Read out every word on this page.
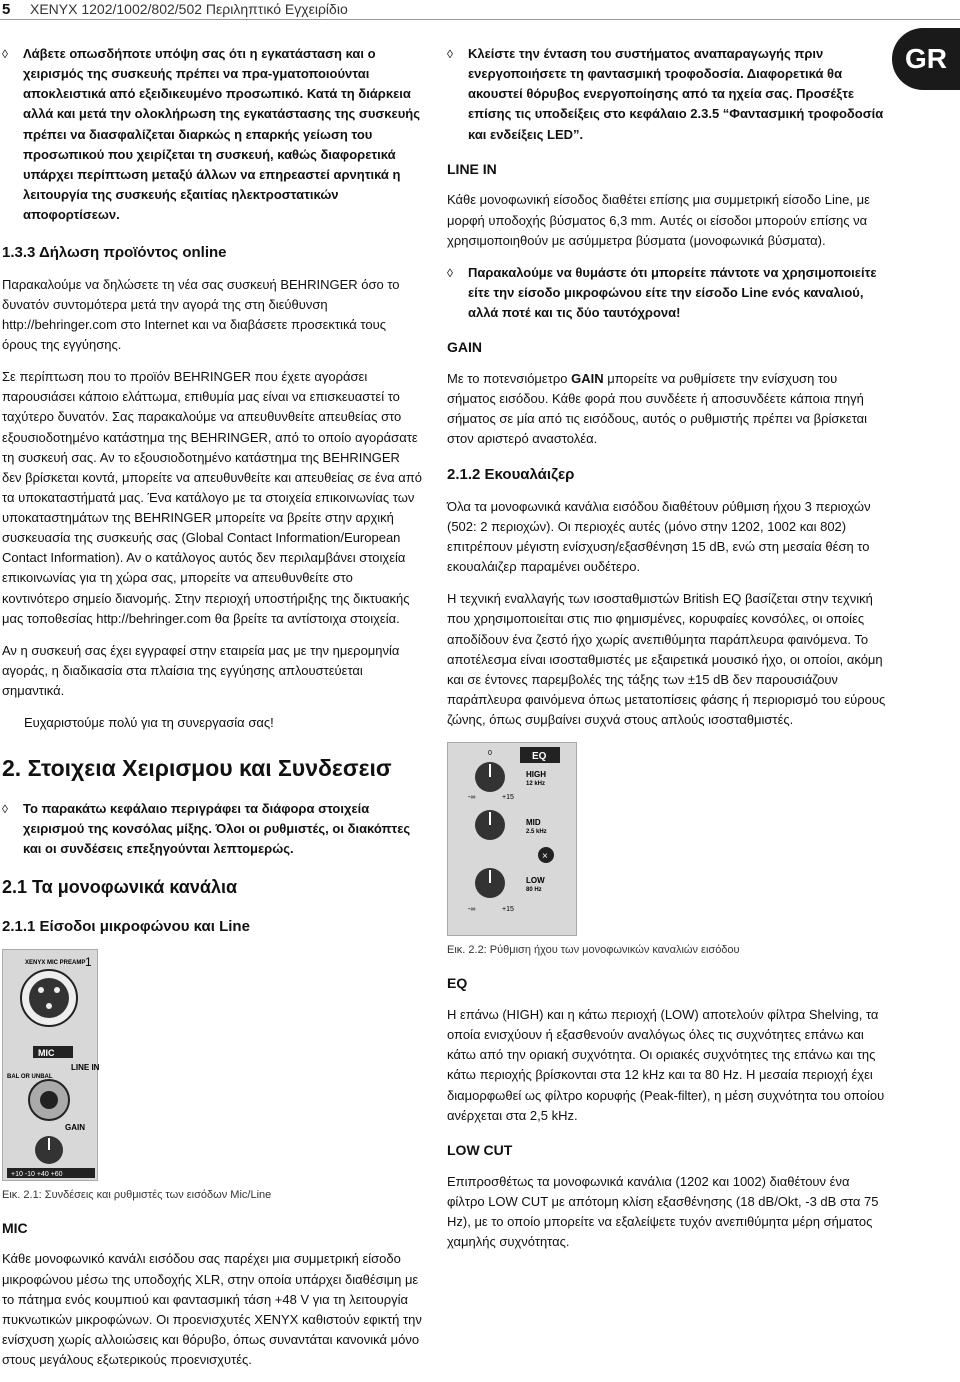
5 XENYX 1202/1002/802/502 Περιληπτικό Εγχειρίδιο
GR
◊	Λάβετε οπωσδήποτε υπόψη σας ότι η εγκατάσταση και ο χειρισμός της συσκευής πρέπει να πρα-γματοποιούνται αποκλειστικά από εξειδικευμένο προσωπικό. Κατά τη διάρκεια αλλά και μετά την ολοκλήρωση της εγκατάστασης της συσκευής πρέπει να διασφαλίζεται διαρκώς η επαρκής γείωση του προσωπικού που χειρίζεται τη συσκευή, καθώς διαφορετικά υπάρχει περίπτωση μεταξύ άλλων να επηρεαστεί αρνητικά η λειτουργία της συσκευής εξαιτίας ηλεκτροστατικών αποφορτίσεων.
1.3.3 Δήλωση προϊόντος online
Παρακαλούμε να δηλώσετε τη νέα σας συσκευή BEHRINGER όσο το δυνατόν συντομότερα μετά την αγορά της στη διεύθυνση http://behringer.com στο Internet και να διαβάσετε προσεκτικά τους όρους της εγγύησης.
Σε περίπτωση που το προϊόν BEHRINGER που έχετε αγοράσει παρουσιάσει κάποιο ελάττωμα, επιθυμία μας είναι να επισκευαστεί το ταχύτερο δυνατόν. Σας παρακαλούμε να απευθυνθείτε απευθείας στο εξουσιοδοτημένο κατάστημα της BEHRINGER, από το οποίο αγοράσατε τη συσκευή σας. Αν το εξουσιοδοτημένο κατάστημα της BEHRINGER δεν βρίσκεται κοντά, μπορείτε να απευθυνθείτε και απευθείας σε ένα από τα υποκαταστήματά μας. Ένα κατάλογο με τα στοιχεία επικοινωνίας των υποκαταστημάτων της BEHRINGER μπορείτε να βρείτε στην αρχική συσκευασία της συσκευής σας (Global Contact Information/European Contact Information). Αν ο κατάλογος αυτός δεν περιλαμβάνει στοιχεία επικοινωνίας για τη χώρα σας, μπορείτε να απευθυνθείτε στο κοντινότερο σημείο διανομής. Στην περιοχή υποστήριξης της δικτυακής μας τοποθεσίας http://behringer.com θα βρείτε τα αντίστοιχα στοιχεία.
Αν η συσκευή σας έχει εγγραφεί στην εταιρεία μας με την ημερομηνία αγοράς, η διαδικασία στα πλαίσια της εγγύησης απλουστεύεται σημαντικά.
Ευχαριστούμε πολύ για τη συνεργασία σας!
2. Στοιχεια Χειρισμου και Συνδεσεισ
◊	Το παρακάτω κεφάλαιο περιγράφει τα διάφορα στοιχεία χειρισμού της κονσόλας μίξης. Όλοι οι ρυθμιστές, οι διακόπτες και οι συνδέσεις επεξηγούνται λεπτομερώς.
2.1 Τα μονοφωνικά κανάλια
2.1.1 Είσοδοι μικροφώνου και Line
XENYX MIC PREAMP 1
MIC
LINE IN
BAL OR UNBAL
GAIN
+10 -10 +40 +60
Εικ. 2.1: Συνδέσεις και ρυθμιστές των εισόδων Mic/Line
MIC
Κάθε μονοφωνικό κανάλι εισόδου σας παρέχει μια συμμετρική είσοδο μικροφώνου μέσω της υποδοχής XLR, στην οποία υπάρχει διαθέσιμη με το πάτημα ενός κουμπιού και φαντασμική τάση +48 V για τη λειτουργία πυκνωτικών μικροφώνων. Οι προενισχυτές XENYX καθιστούν εφικτή την ενίσχυση χωρίς αλλοιώσεις και θόρυβο, όπως συναντάται κανονικά μόνο στους μεγάλους εξωτερικούς προενισχυτές.
◊	Κλείστε την ένταση του συστήματος αναπαραγωγής πριν ενεργοποιήσετε τη φαντασμική τροφοδοσία. Διαφορετικά θα ακουστεί θόρυβος ενεργοποίησης από τα ηχεία σας. Προσέξτε επίσης τις υποδείξεις στο κεφάλαιο 2.3.5 “Φαντασμική τροφοδοσία και ενδείξεις LED”.
LINE IN
Κάθε μονοφωνική είσοδος διαθέτει επίσης μια συμμετρική είσοδο Line, με μορφή υποδοχής βύσματος 6,3 mm. Αυτές οι είσοδοι μπορούν επίσης να χρησιμοποιηθούν με ασύμμετρα βύσματα (μονοφωνικά βύσματα).
◊	Παρακαλούμε να θυμάστε ότι μπορείτε πάντοτε να χρησιμοποιείτε είτε την είσοδο μικροφώνου είτε την είσοδο Line ενός καναλιού, αλλά ποτέ και τις δύο ταυτόχρονα!
GAIN
Με το ποτενσιόμετρο GAIN μπορείτε να ρυθμίσετε την ενίσχυση του σήματος εισόδου. Κάθε φορά που συνδέετε ή αποσυνδέετε κάποια πηγή σήματος σε μία από τις εισόδους, αυτός ο ρυθμιστής πρέπει να βρίσκεται στον αριστερό αναστολέα.
2.1.2 Εκουαλάιζερ
Όλα τα μονοφωνικά κανάλια εισόδου διαθέτουν ρύθμιση ήχου 3 περιοχών (502: 2 περιοχών). Οι περιοχές αυτές (μόνο στην 1202, 1002 και 802) επιτρέπουν μέγιστη ενίσχυση/εξασθένηση 15 dB, ενώ στη μεσαία θέση το εκουαλάιζερ παραμένει ουδέτερο.
Η τεχνική εναλλαγής των ισοσταθμιστών British EQ βασίζεται στην τεχνική που χρησιμοποιείται στις πιο φημισμένες, κορυφαίες κονσόλες, οι οποίες αποδίδουν ένα ζεστό ήχο χωρίς ανεπιθύμητα παράπλευρα φαινόμενα. Το αποτέλεσμα είναι ισοσταθμιστές με εξαιρετικά μουσικό ήχο, οι οποίοι, ακόμη και σε έντονες παρεμβολές της τάξης των ±15 dB δεν παρουσιάζουν παράπλευρα φαινόμενα όπως μετατοπίσεις φάσης ή περιορισμό του εύρους ζώνης, όπως συμβαίνει συχνά στους απλούς ισοσταθμιστές.
EQ
0
HIGH
12 kHz
-∞	+15
MID
2.5 kHz
×
LOW
80 Hz
-∞	+15
Εικ. 2.2: Ρύθμιση ήχου των μονοφωνικών καναλιών εισόδου
EQ
Η επάνω (HIGH) και η κάτω περιοχή (LOW) αποτελούν φίλτρα Shelving, τα οποία ενισχύουν ή εξασθενούν αναλόγως όλες τις συχνότητες επάνω και κάτω από την οριακή συχνότητα. Οι οριακές συχνότητες της επάνω και της κάτω περιοχής βρίσκονται στα 12 kHz και τα 80 Hz. Η μεσαία περιοχή έχει διαμορφωθεί ως φίλτρο κορυφής (Peak-filter), η μέση συχνότητα του οποίου ανέρχεται στα 2,5 kHz.
LOW CUT
Επιπροσθέτως τα μονοφωνικά κανάλια (1202 και 1002) διαθέτουν ένα φίλτρο LOW CUT με απότομη κλίση εξασθένησης (18 dB/Okt, -3 dB στα 75 Hz), με το οποίο μπορείτε να εξαλείψετε τυχόν ανεπιθύμητα μέρη σήματος χαμηλής συχνότητας.
